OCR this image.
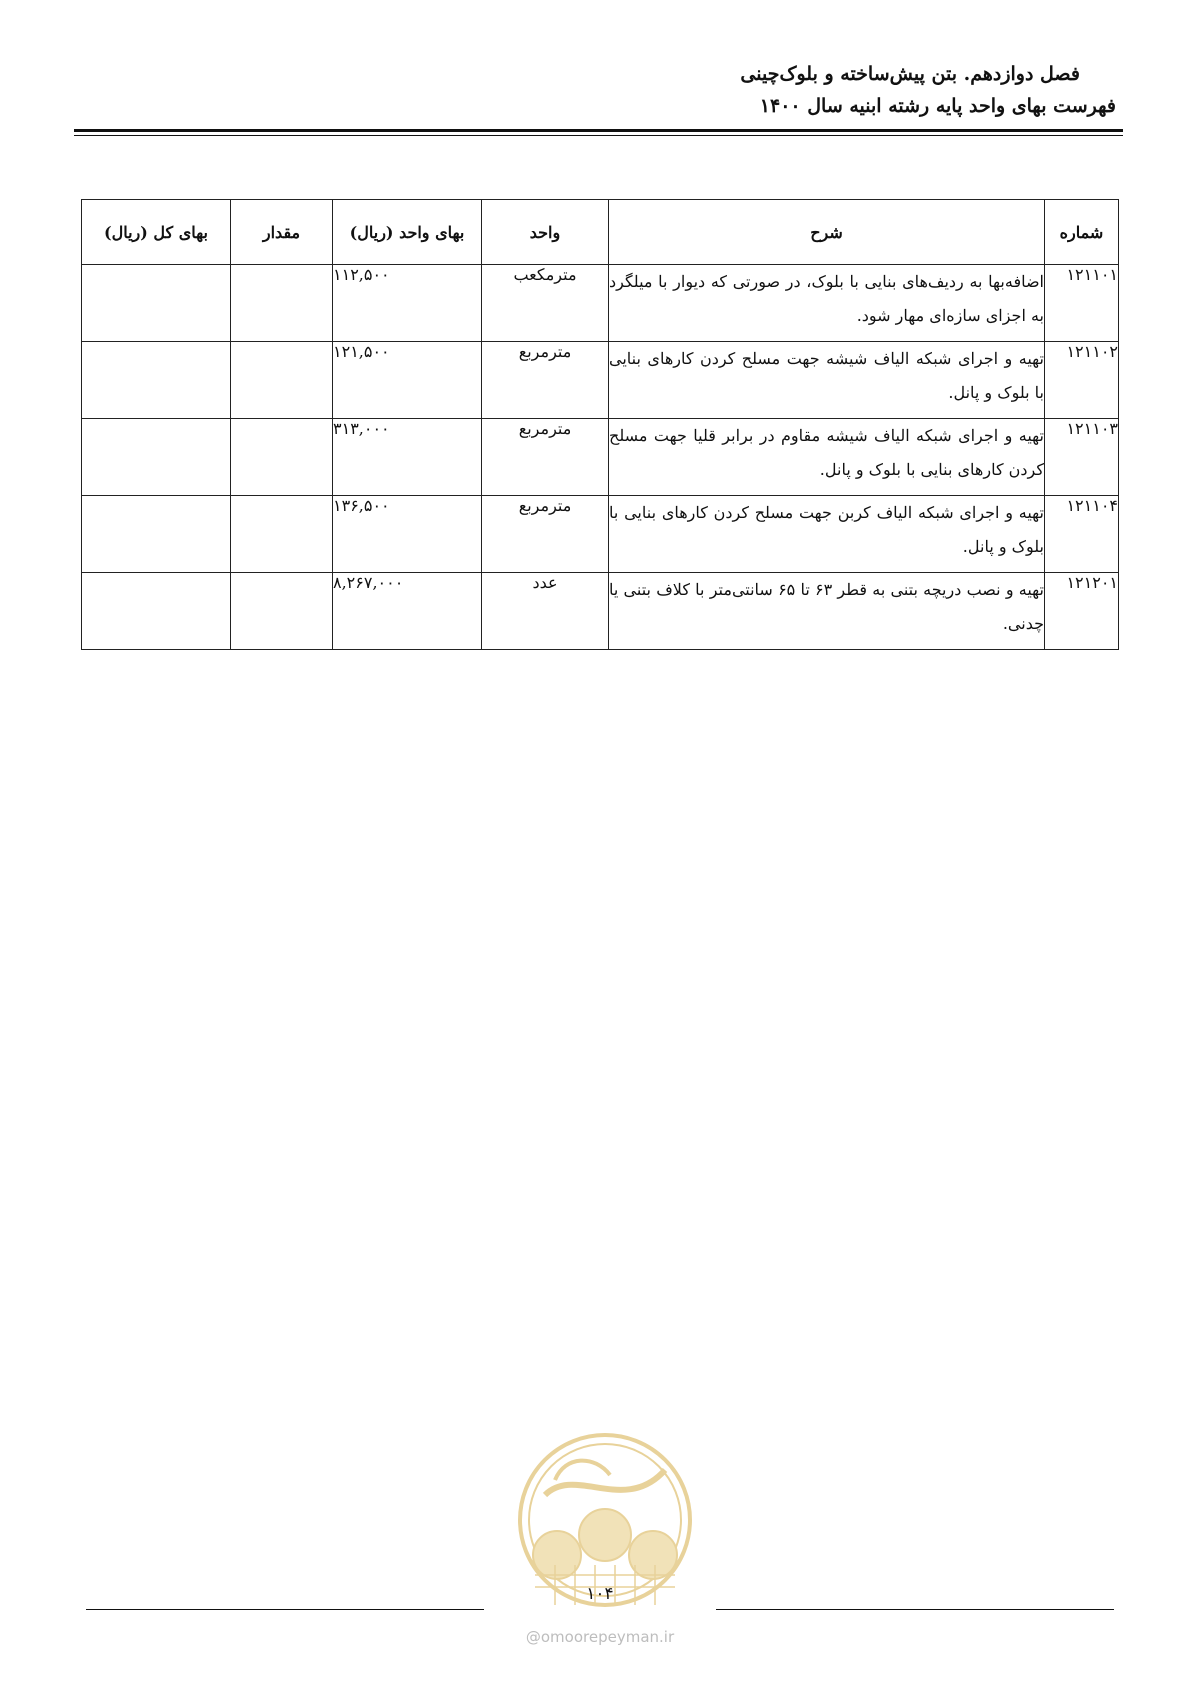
فصل دوازدهم. بتن پیش‌ساخته و بلوک‌چینی
فهرست بهای واحد پایه رشته ابنیه سال ۱۴۰۰
شماره	شرح	واحد	بهای واحد (ریال)	مقدار	بهای کل (ریال)
۱۲۱۱۰۱	اضافه‌بها به ردیف‌های بنایی با بلوک، در صورتی که دیوار با میلگرد به اجزای سازه‌ای مهار شود.	مترمکعب	۱۱۲,۵۰۰		
۱۲۱۱۰۲	تهیه و اجرای شبکه الیاف شیشه جهت مسلح کردن کارهای بنایی با بلوک و پانل.	مترمربع	۱۲۱,۵۰۰		
۱۲۱۱۰۳	تهیه و اجرای شبکه الیاف شیشه مقاوم در برابر قلیا جهت مسلح کردن کارهای بنایی با بلوک و پانل.	مترمربع	۳۱۳,۰۰۰		
۱۲۱۱۰۴	تهیه و اجرای شبکه الیاف کربن جهت مسلح کردن کارهای بنایی با بلوک و پانل.	مترمربع	۱۳۶,۵۰۰		
۱۲۱۲۰۱	تهیه و نصب دریچه بتنی به قطر ۶۳ تا ۶۵ سانتی‌متر با کلاف بتنی یا چدنی.	عدد	۸,۲۶۷,۰۰۰		
۱۰۴
@omoorepeyman.ir
